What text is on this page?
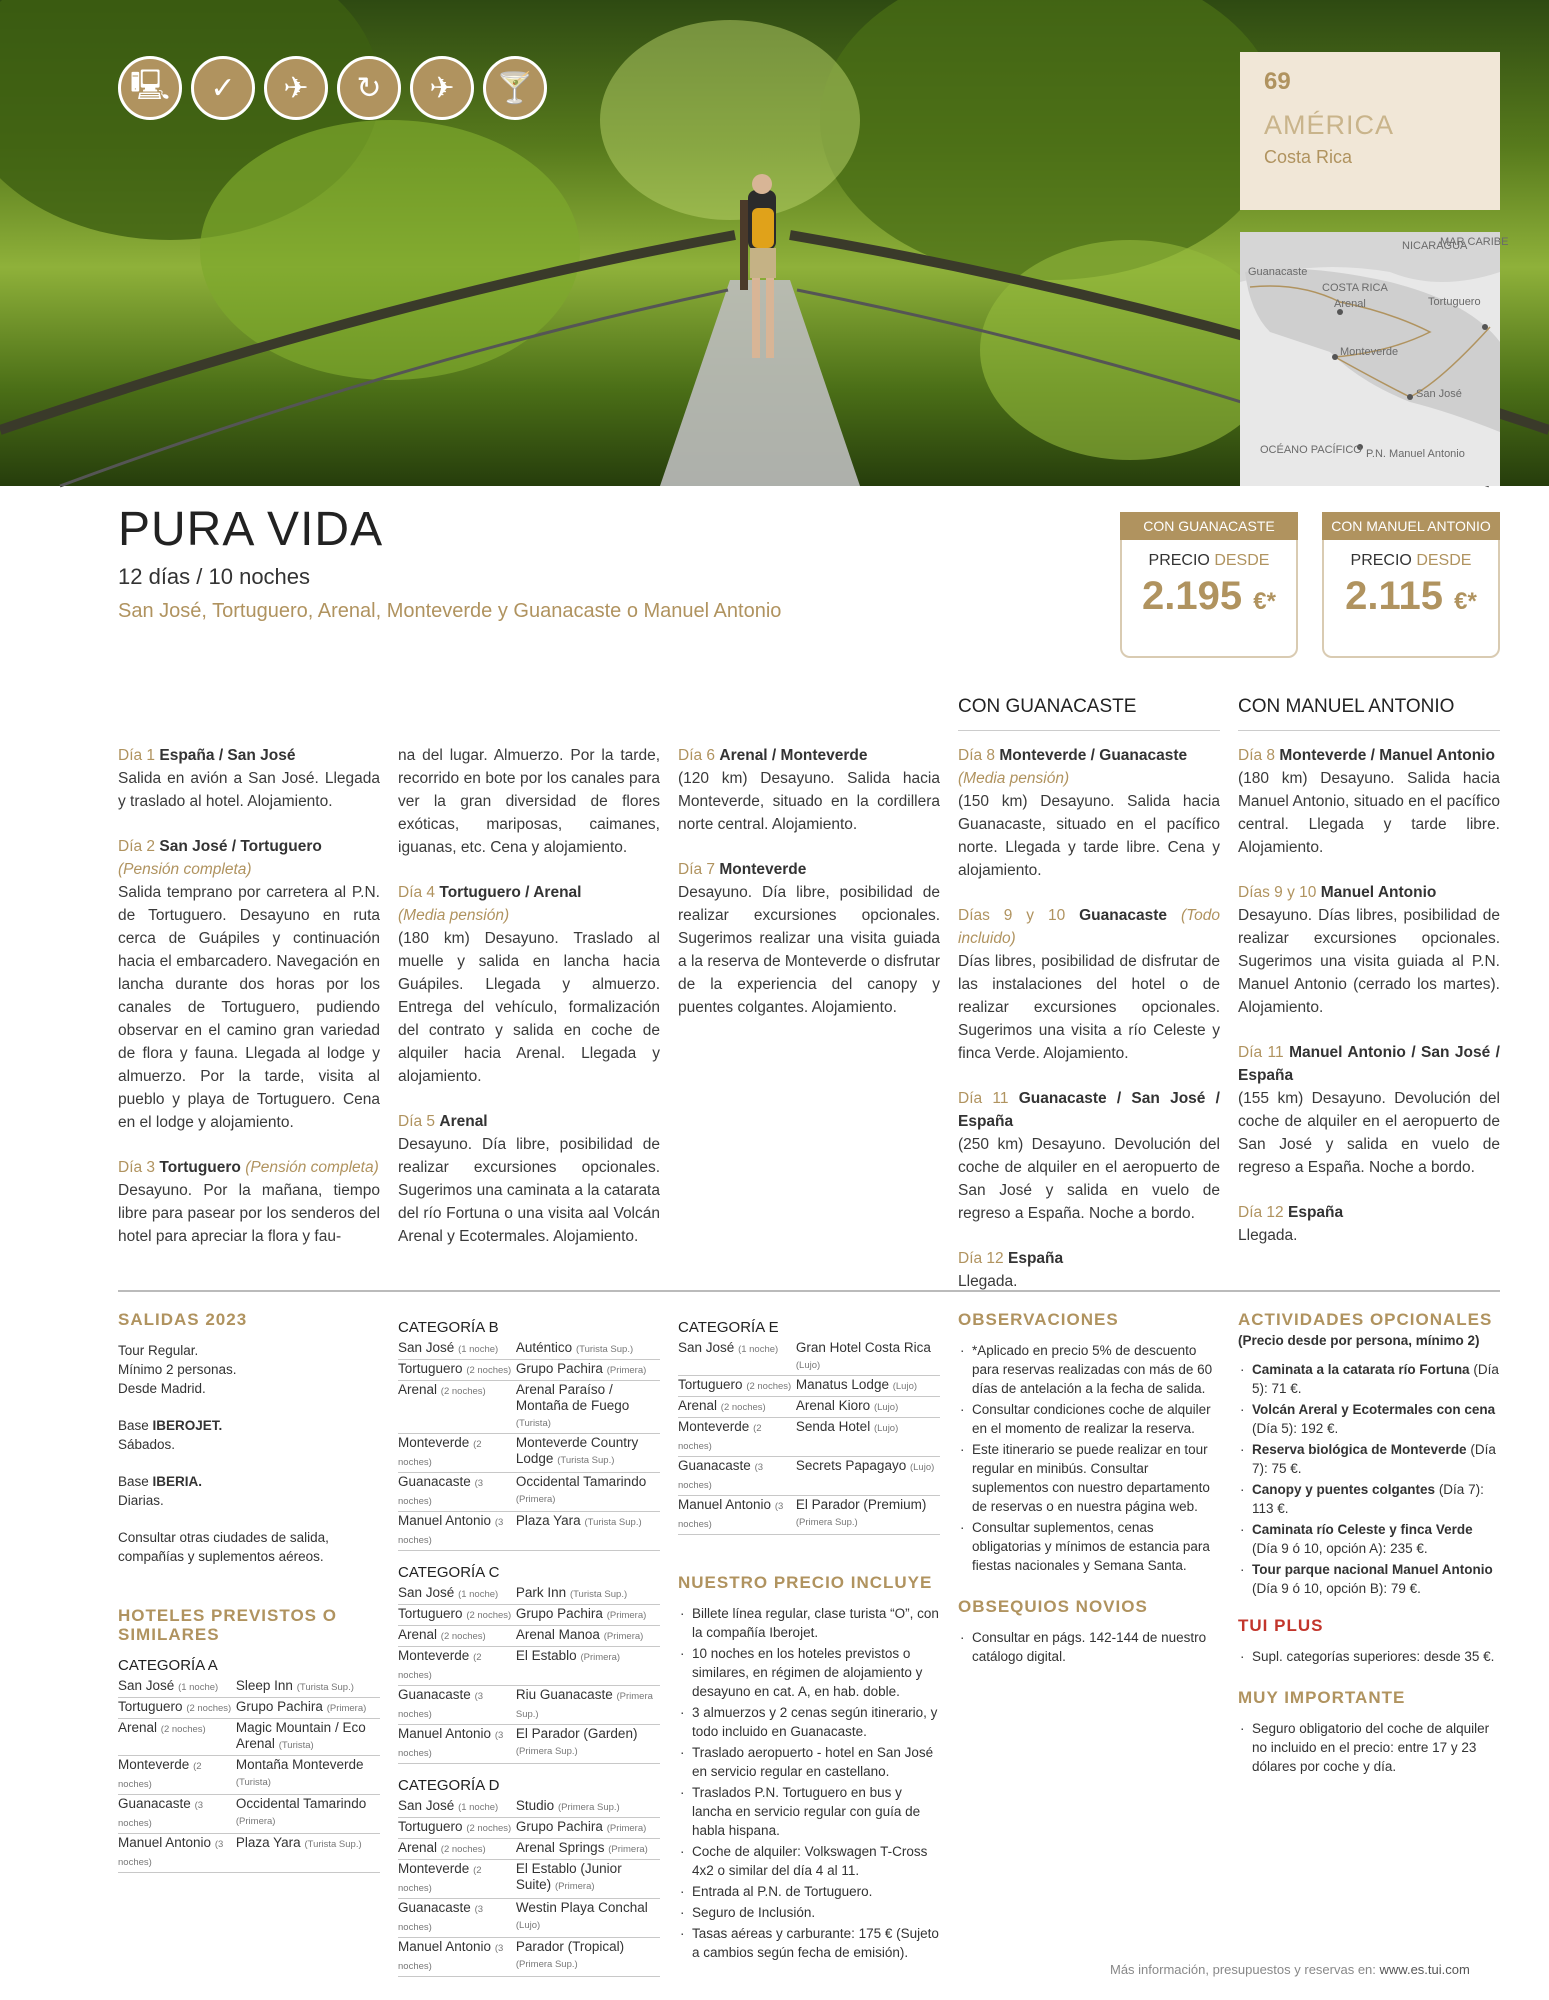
🖳	✓	✈	↻	✈	🍸	69
AMÉRICA
Costa Rica
NICARAGUA
MAR CARIBE
Guanacaste
COSTA RICA
Arenal	Tortuguero
Monteverde
San José
OCÉANO PACÍFICO P.N. Manuel Antonio
PURA VIDA
12 días / 10 noches
San José, Tortuguero, Arenal, Monteverde y Guanacaste o Manuel Antonio
CON GUANACASTE
PRECIO DESDE
2.195 €*
CON MANUEL ANTONIO
PRECIO DESDE
2.115 €*
CON GUANACASTE	CON MANUEL ANTONIO
Día 1 España / San José
Salida en avión a San José. Llegada y traslado al hotel. Alojamiento.
Día 2 San José / Tortuguero
(Pensión completa)
Salida temprano por carretera al P.N. de Tortuguero. Desayuno en ruta cerca de Guápiles y continuación hacia el embarcadero. Navegación en lancha durante dos horas por los canales de Tortuguero, pudiendo observar en el camino gran variedad de flora y fauna. Llegada al lodge y almuerzo. Por la tarde, visita al pueblo y playa de Tortuguero. Cena en el lodge y alojamiento.
Día 3 Tortuguero (Pensión completa)
Desayuno. Por la mañana, tiempo libre para pasear por los senderos del hotel para apreciar la flora y fau-
na del lugar. Almuerzo. Por la tarde, recorrido en bote por los canales para ver la gran diversidad de flores exóticas, mariposas, caimanes, iguanas, etc. Cena y alojamiento.
Día 4 Tortuguero / Arenal
(Media pensión)
(180 km) Desayuno. Traslado al muelle y salida en lancha hacia Guápiles. Llegada y almuerzo. Entrega del vehículo, formalización del contrato y salida en coche de alquiler hacia Arenal. Llegada y alojamiento.
Día 5 Arenal
Desayuno. Día libre, posibilidad de realizar excursiones opcionales. Sugerimos una caminata a la catarata del río Fortuna o una visita aal Volcán Arenal y Ecotermales. Alojamiento.
Día 6 Arenal / Monteverde
(120 km) Desayuno. Salida hacia Monteverde, situado en la cordillera norte central. Alojamiento.
Día 7 Monteverde
Desayuno. Día libre, posibilidad de realizar excursiones opcionales. Sugerimos realizar una visita guiada a la reserva de Monteverde o disfrutar de la experiencia del canopy y puentes colgantes. Alojamiento.
Día 8 Monteverde / Guanacaste
(Media pensión)
(150 km) Desayuno. Salida hacia Guanacaste, situado en el pacífico norte. Llegada y tarde libre. Cena y alojamiento.
Días 9 y 10 Guanacaste (Todo incluido)
Días libres, posibilidad de disfrutar de las instalaciones del hotel o de realizar excursiones opcionales. Sugerimos una visita a río Celeste y finca Verde. Alojamiento.
Día 11 Guanacaste / San José / España
(250 km) Desayuno. Devolución del coche de alquiler en el aeropuerto de San José y salida en vuelo de regreso a España. Noche a bordo.
Día 12 España
Llegada.
Día 8 Monteverde / Manuel Antonio
(180 km) Desayuno. Salida hacia Manuel Antonio, situado en el pacífico central. Llegada y tarde libre. Alojamiento.
Días 9 y 10 Manuel Antonio
Desayuno. Días libres, posibilidad de realizar excursiones opcionales. Sugerimos una visita guiada al P.N. Manuel Antonio (cerrado los martes). Alojamiento.
Día 11 Manuel Antonio / San José / España
(155 km) Desayuno. Devolución del coche de alquiler en el aeropuerto de San José y salida en vuelo de regreso a España. Noche a bordo.
Día 12 España
Llegada.
SALIDAS 2023
Tour Regular.
Mínimo 2 personas.
Desde Madrid.
Base IBEROJET.
Sábados.
Base IBERIA.
Diarias.
Consultar otras ciudades de salida, compañías y suplementos aéreos.
HOTELES PREVISTOS O SIMILARES
CATEGORÍA A
San José (1 noche)	Sleep Inn (Turista Sup.)
Tortuguero (2 noches)	Grupo Pachira (Primera)
Arenal (2 noches)	Magic Mountain / Eco Arenal (Turista)
Monteverde (2 noches)	Montaña Monteverde (Turista)
Guanacaste (3 noches)	Occidental Tamarindo (Primera)
Manuel Antonio (3 noches)	Plaza Yara (Turista Sup.)
CATEGORÍA B
San José (1 noche)	Auténtico (Turista Sup.)
Tortuguero (2 noches)	Grupo Pachira (Primera)
Arenal (2 noches)	Arenal Paraíso / Montaña de Fuego (Turista)
Monteverde (2 noches)	Monteverde Country Lodge (Turista Sup.)
Guanacaste (3 noches)	Occidental Tamarindo (Primera)
Manuel Antonio (3 noches)	Plaza Yara (Turista Sup.)
CATEGORÍA C
San José (1 noche)	Park Inn (Turista Sup.)
Tortuguero (2 noches)	Grupo Pachira (Primera)
Arenal (2 noches)	Arenal Manoa (Primera)
Monteverde (2 noches)	El Establo (Primera)
Guanacaste (3 noches)	Riu Guanacaste (Primera Sup.)
Manuel Antonio (3 noches)	El Parador (Garden) (Primera Sup.)
CATEGORÍA D
San José (1 noche)	Studio (Primera Sup.)
Tortuguero (2 noches)	Grupo Pachira (Primera)
Arenal (2 noches)	Arenal Springs (Primera)
Monteverde (2 noches)	El Establo (Junior Suite) (Primera)
Guanacaste (3 noches)	Westin Playa Conchal (Lujo)
Manuel Antonio (3 noches)	Parador (Tropical) (Primera Sup.)
CATEGORÍA E
San José (1 noche)	Gran Hotel Costa Rica (Lujo)
Tortuguero (2 noches)	Manatus Lodge (Lujo)
Arenal (2 noches)	Arenal Kioro (Lujo)
Monteverde (2 noches)	Senda Hotel (Lujo)
Guanacaste (3 noches)	Secrets Papagayo (Lujo)
Manuel Antonio (3 noches)	El Parador (Premium) (Primera Sup.)
NUESTRO PRECIO INCLUYE
· Billete línea regular, clase turista “O”, con la compañía Iberojet.
· 10 noches en los hoteles previstos o similares, en régimen de alojamiento y desayuno en cat. A, en hab. doble.
· 3 almuerzos y 2 cenas según itinerario, y todo incluido en Guanacaste.
· Traslado aeropuerto - hotel en San José en servicio regular en castellano.
· Traslados P.N. Tortuguero en bus y lancha en servicio regular con guía de habla hispana.
· Coche de alquiler: Volkswagen T-Cross 4x2 o similar del día 4 al 11.
· Entrada al P.N. de Tortuguero.
· Seguro de Inclusión.
· Tasas aéreas y carburante: 175 € (Sujeto a cambios según fecha de emisión).
OBSERVACIONES
· *Aplicado en precio 5% de descuento para reservas realizadas con más de 60 días de antelación a la fecha de salida.
· Consultar condiciones coche de alquiler en el momento de realizar la reserva.
· Este itinerario se puede realizar en tour regular en minibús. Consultar suplementos con nuestro departamento de reservas o en nuestra página web.
· Consultar suplementos, cenas obligatorias y mínimos de estancia para fiestas nacionales y Semana Santa.
OBSEQUIOS NOVIOS
· Consultar en págs. 142-144 de nuestro catálogo digital.
ACTIVIDADES OPCIONALES
(Precio desde por persona, mínimo 2)
· Caminata a la catarata río Fortuna (Día 5): 71 €.
· Volcán Areral y Ecotermales con cena (Día 5): 192 €.
· Reserva biológica de Monteverde (Día 7): 75 €.
· Canopy y puentes colgantes (Día 7): 113 €.
· Caminata río Celeste y finca Verde (Día 9 ó 10, opción A): 235 €.
· Tour parque nacional Manuel Antonio (Día 9 ó 10, opción B): 79 €.
TUI PLUS
· Supl. categorías superiores: desde 35 €.
MUY IMPORTANTE
· Seguro obligatorio del coche de alquiler no incluido en el precio: entre 17 y 23 dólares por coche y día.
Más información, presupuestos y reservas en: www.es.tui.com
